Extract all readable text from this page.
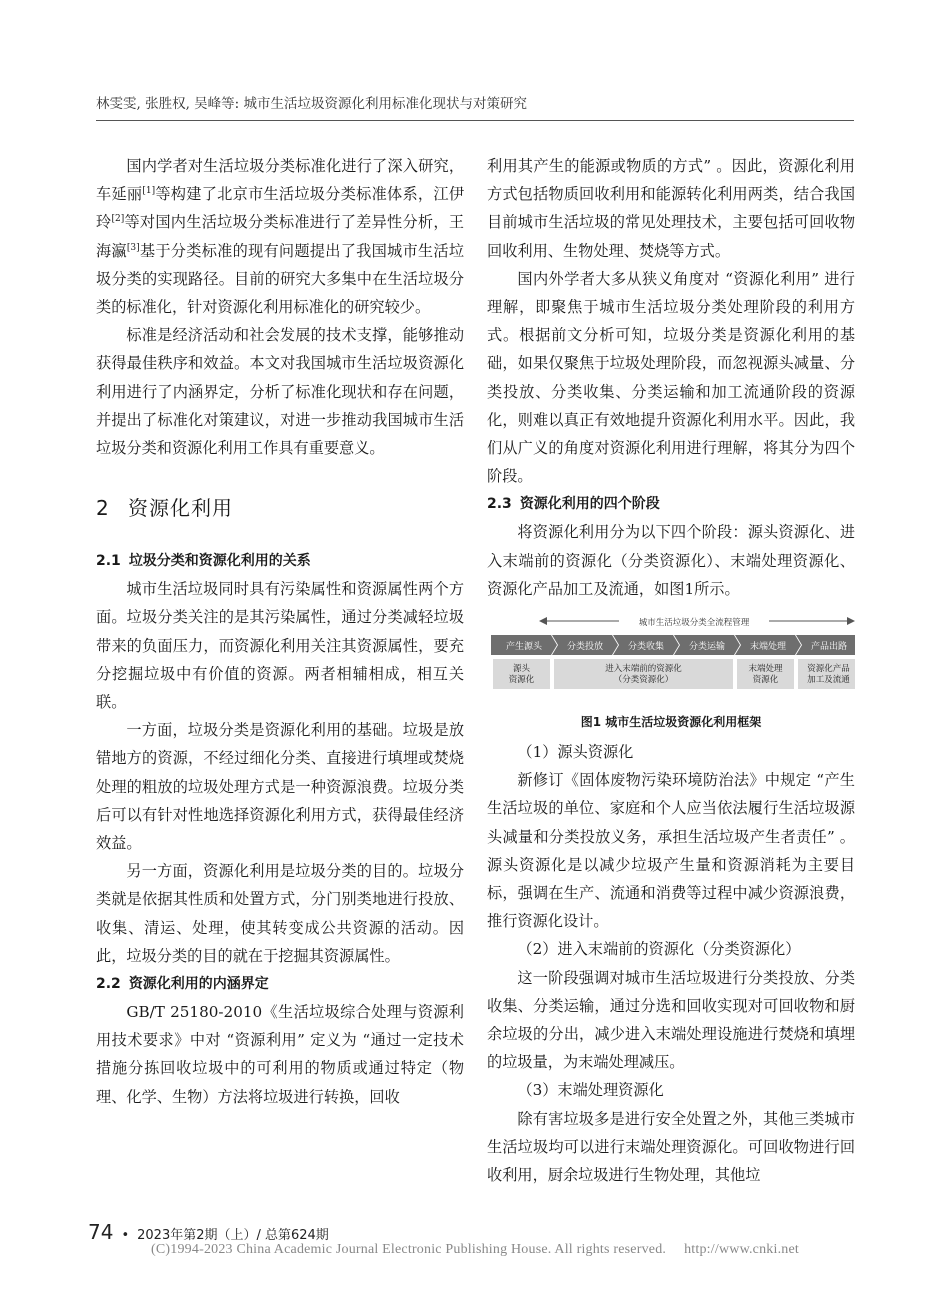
林雯雯, 张胜权, 吴峰等: 城市生活垃圾资源化利用标准化现状与对策研究

国内学者对生活垃圾分类标准化进行了深入研究，车延丽[1]等构建了北京市生活垃圾分类标准体系，江伊玲[2]等对国内生活垃圾分类标准进行了差异性分析，王海瀛[3]基于分类标准的现有问题提出了我国城市生活垃圾分类的实现路径。目前的研究大多集中在生活垃圾分类的标准化，针对资源化利用标准化的研究较少。

标准是经济活动和社会发展的技术支撑，能够推动获得最佳秩序和效益。本文对我国城市生活垃圾资源化利用进行了内涵界定，分析了标准化现状和存在问题，并提出了标准化对策建议，对进一步推动我国城市生活垃圾分类和资源化利用工作具有重要意义。

2 资源化利用
2.1 垃圾分类和资源化利用的关系

城市生活垃圾同时具有污染属性和资源属性两个方面。垃圾分类关注的是其污染属性，通过分类减轻垃圾带来的负面压力，而资源化利用关注其资源属性，要充分挖掘垃圾中有价值的资源。两者相辅相成，相互关联。

一方面，垃圾分类是资源化利用的基础。垃圾是放错地方的资源，不经过细化分类、直接进行填埋或焚烧处理的粗放的垃圾处理方式是一种资源浪费。垃圾分类后可以有针对性地选择资源化利用方式，获得最佳经济效益。

另一方面，资源化利用是垃圾分类的目的。垃圾分类就是依据其性质和处置方式，分门别类地进行投放、收集、清运、处理，使其转变成公共资源的活动。因此，垃圾分类的目的就在于挖掘其资源属性。

2.2 资源化利用的内涵界定

GB/T 25180-2010《生活垃圾综合处理与资源利用技术要求》中对 “资源利用” 定义为 “通过一定技术措施分拣回收垃圾中的可利用的物质或通过特定（物理、化学、生物）方法将垃圾进行转换，回收

利用其产生的能源或物质的方式” 。因此，资源化利用方式包括物质回收利用和能源转化利用两类，结合我国目前城市生活垃圾的常见处理技术，主要包括可回收物回收利用、生物处理、焚烧等方式。

国内外学者大多从狭义角度对 “资源化利用” 进行理解，即聚焦于城市生活垃圾分类处理阶段的利用方式。根据前文分析可知，垃圾分类是资源化利用的基础，如果仅聚焦于垃圾处理阶段，而忽视源头减量、分类投放、分类收集、分类运输和加工流通阶段的资源化，则难以真正有效地提升资源化利用水平。因此，我们从广义的角度对资源化利用进行理解，将其分为四个阶段。

2.3 资源化利用的四个阶段

将资源化利用分为以下四个阶段：源头资源化、进入末端前的资源化（分类资源化）、末端处理资源化、资源化产品加工及流通，如图1所示。

城市生活垃圾分类全流程管理
产生源头	分类投放	分类收集	分类运输	末端处理	产品出路
源头
资源化
进入末端前的资源化
（分类资源化）
末端处理
资源化
资源化产品
加工及流通
图1 城市生活垃圾资源化利用框架

（1）源头资源化

新修订《固体废物污染环境防治法》中规定 “产生生活垃圾的单位、家庭和个人应当依法履行生活垃圾源头减量和分类投放义务，承担生活垃圾产生者责任” 。源头资源化是以减少垃圾产生量和资源消耗为主要目标，强调在生产、流通和消费等过程中减少资源浪费，推行资源化设计。

（2）进入末端前的资源化（分类资源化）

这一阶段强调对城市生活垃圾进行分类投放、分类收集、分类运输，通过分选和回收实现对可回收物和厨余垃圾的分出，减少进入末端处理设施进行焚烧和填埋的垃圾量，为末端处理减压。

（3）末端处理资源化

除有害垃圾多是进行安全处置之外，其他三类城市生活垃圾均可以进行末端处理资源化。可回收物进行回收利用，厨余垃圾进行生物处理，其他垃

74 • 2023年第2期（上）/ 总第624期
(C)1994-2023 China Academic Journal Electronic Publishing House. All rights reserved. http://www.cnki.net
